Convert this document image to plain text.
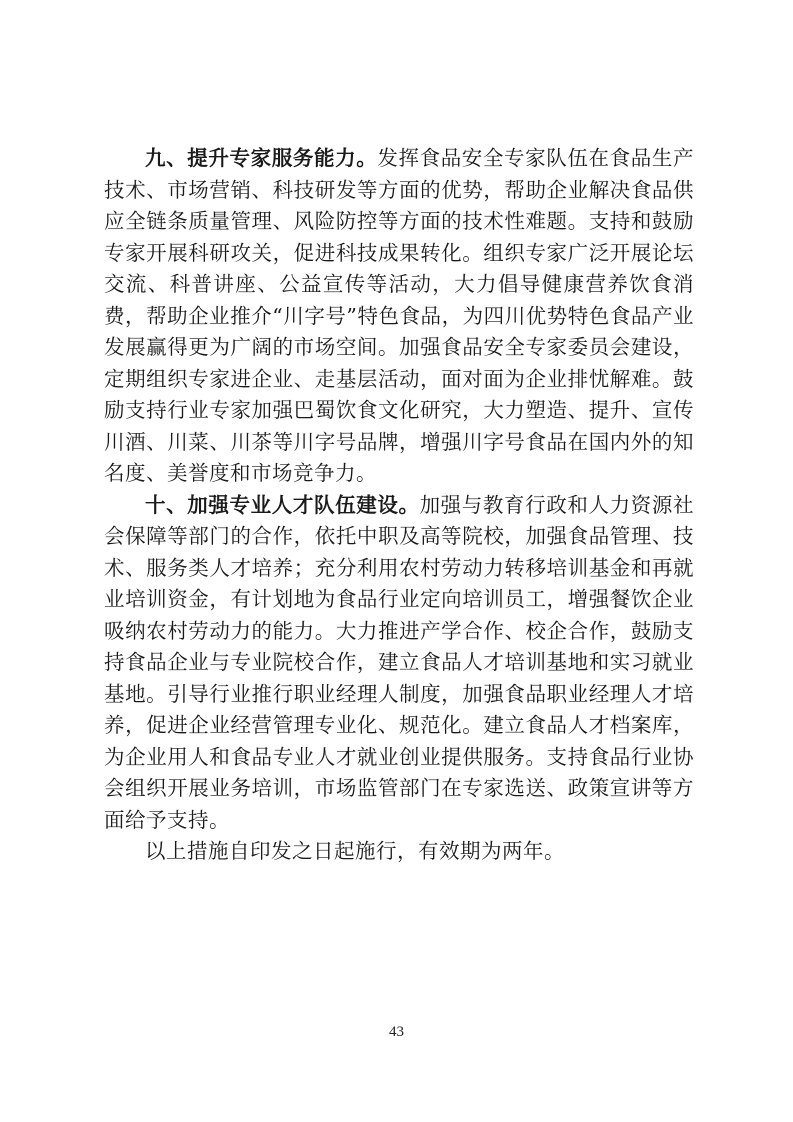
九、提升专家服务能力。发挥食品安全专家队伍在食品生产技术、市场营销、科技研发等方面的优势，帮助企业解决食品供应全链条质量管理、风险防控等方面的技术性难题。支持和鼓励专家开展科研攻关，促进科技成果转化。组织专家广泛开展论坛交流、科普讲座、公益宣传等活动，大力倡导健康营养饮食消费，帮助企业推介“川字号”特色食品，为四川优势特色食品产业发展赢得更为广阔的市场空间。加强食品安全专家委员会建设，定期组织专家进企业、走基层活动，面对面为企业排忧解难。鼓励支持行业专家加强巴蜀饮食文化研究，大力塑造、提升、宣传川酒、川菜、川茶等川字号品牌，增强川字号食品在国内外的知名度、美誉度和市场竞争力。

十、加强专业人才队伍建设。加强与教育行政和人力资源社会保障等部门的合作，依托中职及高等院校，加强食品管理、技术、服务类人才培养；充分利用农村劳动力转移培训基金和再就业培训资金，有计划地为食品行业定向培训员工，增强餐饮企业吸纳农村劳动力的能力。大力推进产学合作、校企合作，鼓励支持食品企业与专业院校合作，建立食品人才培训基地和实习就业基地。引导行业推行职业经理人制度，加强食品职业经理人才培养，促进企业经营管理专业化、规范化。建立食品人才档案库，为企业用人和食品专业人才就业创业提供服务。支持食品行业协会组织开展业务培训，市场监管部门在专家选送、政策宣讲等方面给予支持。

以上措施自印发之日起施行，有效期为两年。

43
